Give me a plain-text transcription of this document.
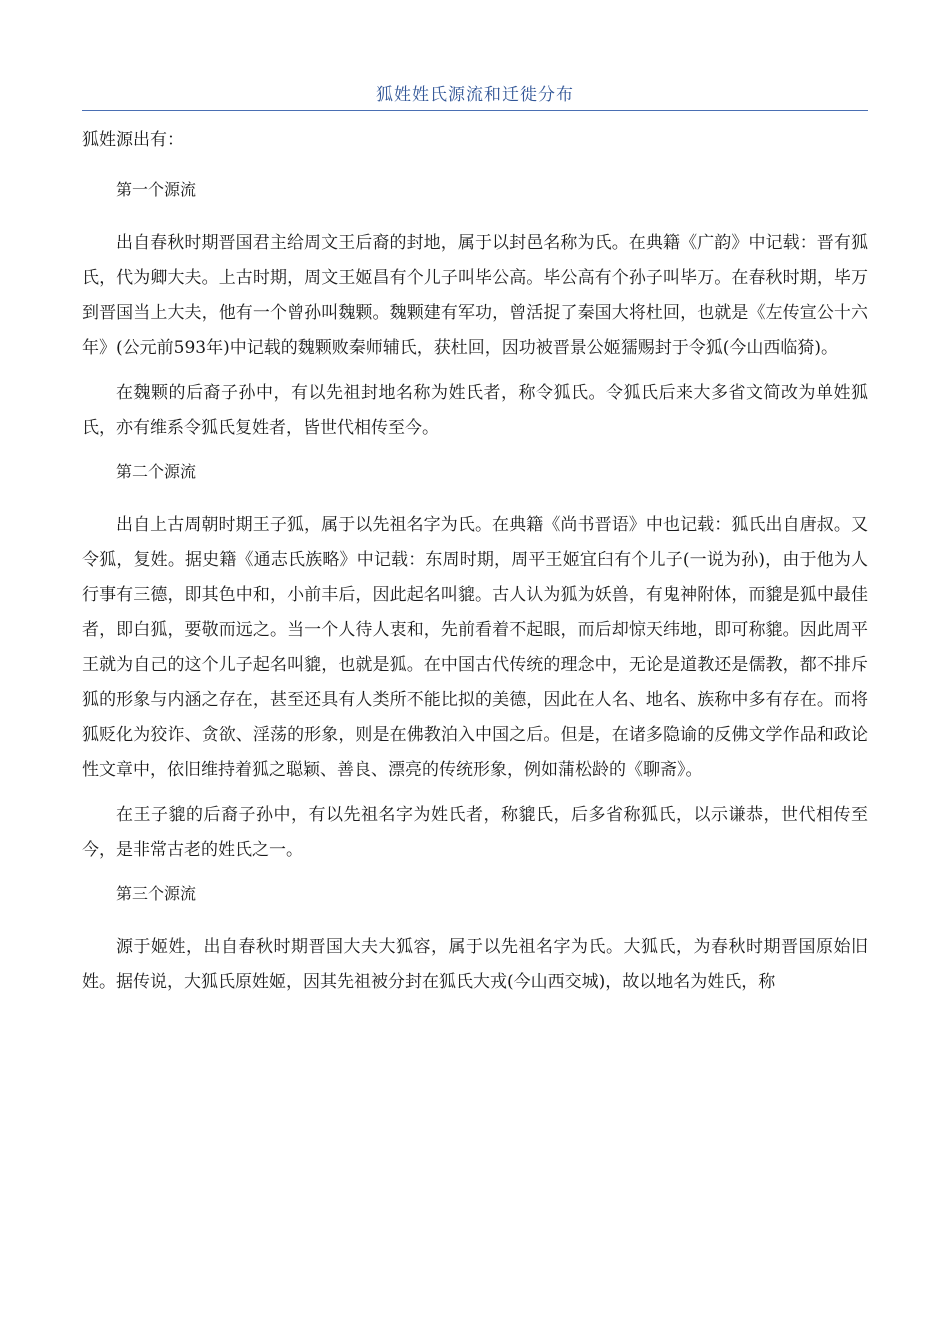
狐姓姓氏源流和迁徙分布

狐姓源出有：

第一个源流

出自春秋时期晋国君主给周文王后裔的封地，属于以封邑名称为氏。在典籍《广韵》中记载：晋有狐氏，代为卿大夫。上古时期，周文王姬昌有个儿子叫毕公高。毕公高有个孙子叫毕万。在春秋时期，毕万到晋国当上大夫，他有一个曾孙叫魏颗。魏颗建有军功，曾活捉了秦国大将杜回，也就是《左传宣公十六年》(公元前593年)中记载的魏颗败秦师辅氏，获杜回，因功被晋景公姬獳赐封于令狐(今山西临猗)。

在魏颗的后裔子孙中，有以先祖封地名称为姓氏者，称令狐氏。令狐氏后来大多省文简改为单姓狐氏，亦有维系令狐氏复姓者，皆世代相传至今。

第二个源流

出自上古周朝时期王子狐，属于以先祖名字为氏。在典籍《尚书晋语》中也记载：狐氏出自唐叔。又令狐，复姓。据史籍《通志氏族略》中记载：东周时期，周平王姬宜臼有个儿子(一说为孙)，由于他为人行事有三德，即其色中和，小前丰后，因此起名叫貔。古人认为狐为妖兽，有鬼神附体，而貔是狐中最佳者，即白狐，要敬而远之。当一个人待人衷和，先前看着不起眼，而后却惊天纬地，即可称貔。因此周平王就为自己的这个儿子起名叫貔，也就是狐。在中国古代传统的理念中，无论是道教还是儒教，都不排斥狐的形象与内涵之存在，甚至还具有人类所不能比拟的美德，因此在人名、地名、族称中多有存在。而将狐贬化为狡诈、贪欲、淫荡的形象，则是在佛教泊入中国之后。但是，在诸多隐谕的反佛文学作品和政论性文章中，依旧维持着狐之聪颖、善良、漂亮的传统形象，例如蒲松龄的《聊斋》。

在王子貔的后裔子孙中，有以先祖名字为姓氏者，称貔氏，后多省称狐氏，以示谦恭，世代相传至今，是非常古老的姓氏之一。

第三个源流

源于姬姓，出自春秋时期晋国大夫大狐容，属于以先祖名字为氏。大狐氏，为春秋时期晋国原始旧姓。据传说，大狐氏原姓姬，因其先祖被分封在狐氏大戎(今山西交城)，故以地名为姓氏，称
